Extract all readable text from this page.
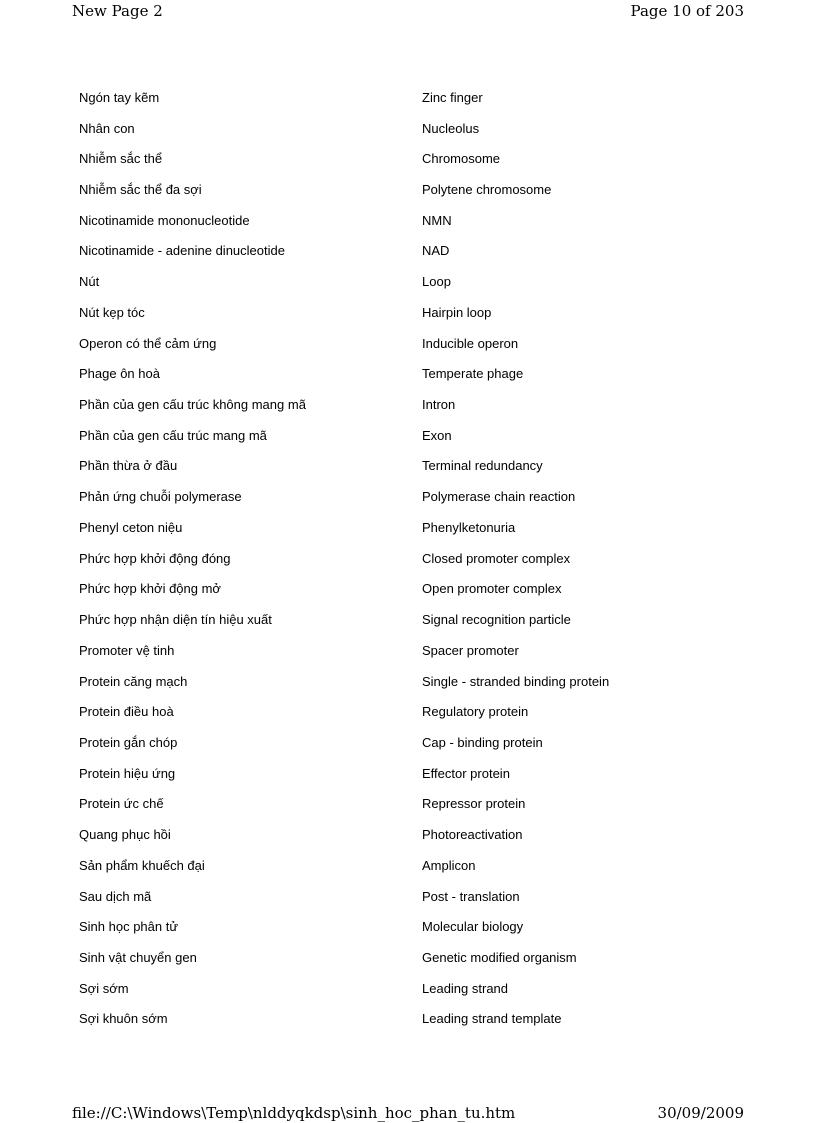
New Page 2	Page 10 of 203
Ngón tay kẽm	Zinc finger
Nhân con	Nucleolus
Nhiễm sắc thể	Chromosome
Nhiễm sắc thể đa sợi	Polytene chromosome
Nicotinamide mononucleotide	NMN
Nicotinamide - adenine dinucleotide	NAD
Nút	Loop
Nút kẹp tóc	Hairpin loop
Operon có thể cảm ứng	Inducible operon
Phage ôn hoà	Temperate phage
Phần của gen cấu trúc không mang mã	Intron
Phần của gen cấu trúc mang mã	Exon
Phần thừa ở đầu	Terminal redundancy
Phản ứng chuỗi polymerase	Polymerase chain reaction
Phenyl ceton niệu	Phenylketonuria
Phức hợp khởi động đóng	Closed promoter complex
Phức hợp khởi động mở	Open promoter complex
Phức hợp nhận diện tín hiệu xuất	Signal recognition particle
Promoter vệ tinh	Spacer promoter
Protein căng mạch	Single - stranded binding protein
Protein điều hoà	Regulatory protein
Protein gắn chóp	Cap - binding protein
Protein hiệu ứng	Effector protein
Protein ức chế	Repressor protein
Quang phục hồi	Photoreactivation
Sản phẩm khuếch đại	Amplicon
Sau dịch mã	Post - translation
Sinh học phân tử	Molecular biology
Sinh vật chuyển gen	Genetic modified organism
Sợi sớm	Leading strand
Sợi khuôn sớm	Leading strand template
file://C:\Windows\Temp\nlddyqkdsp\sinh_hoc_phan_tu.htm	30/09/2009
